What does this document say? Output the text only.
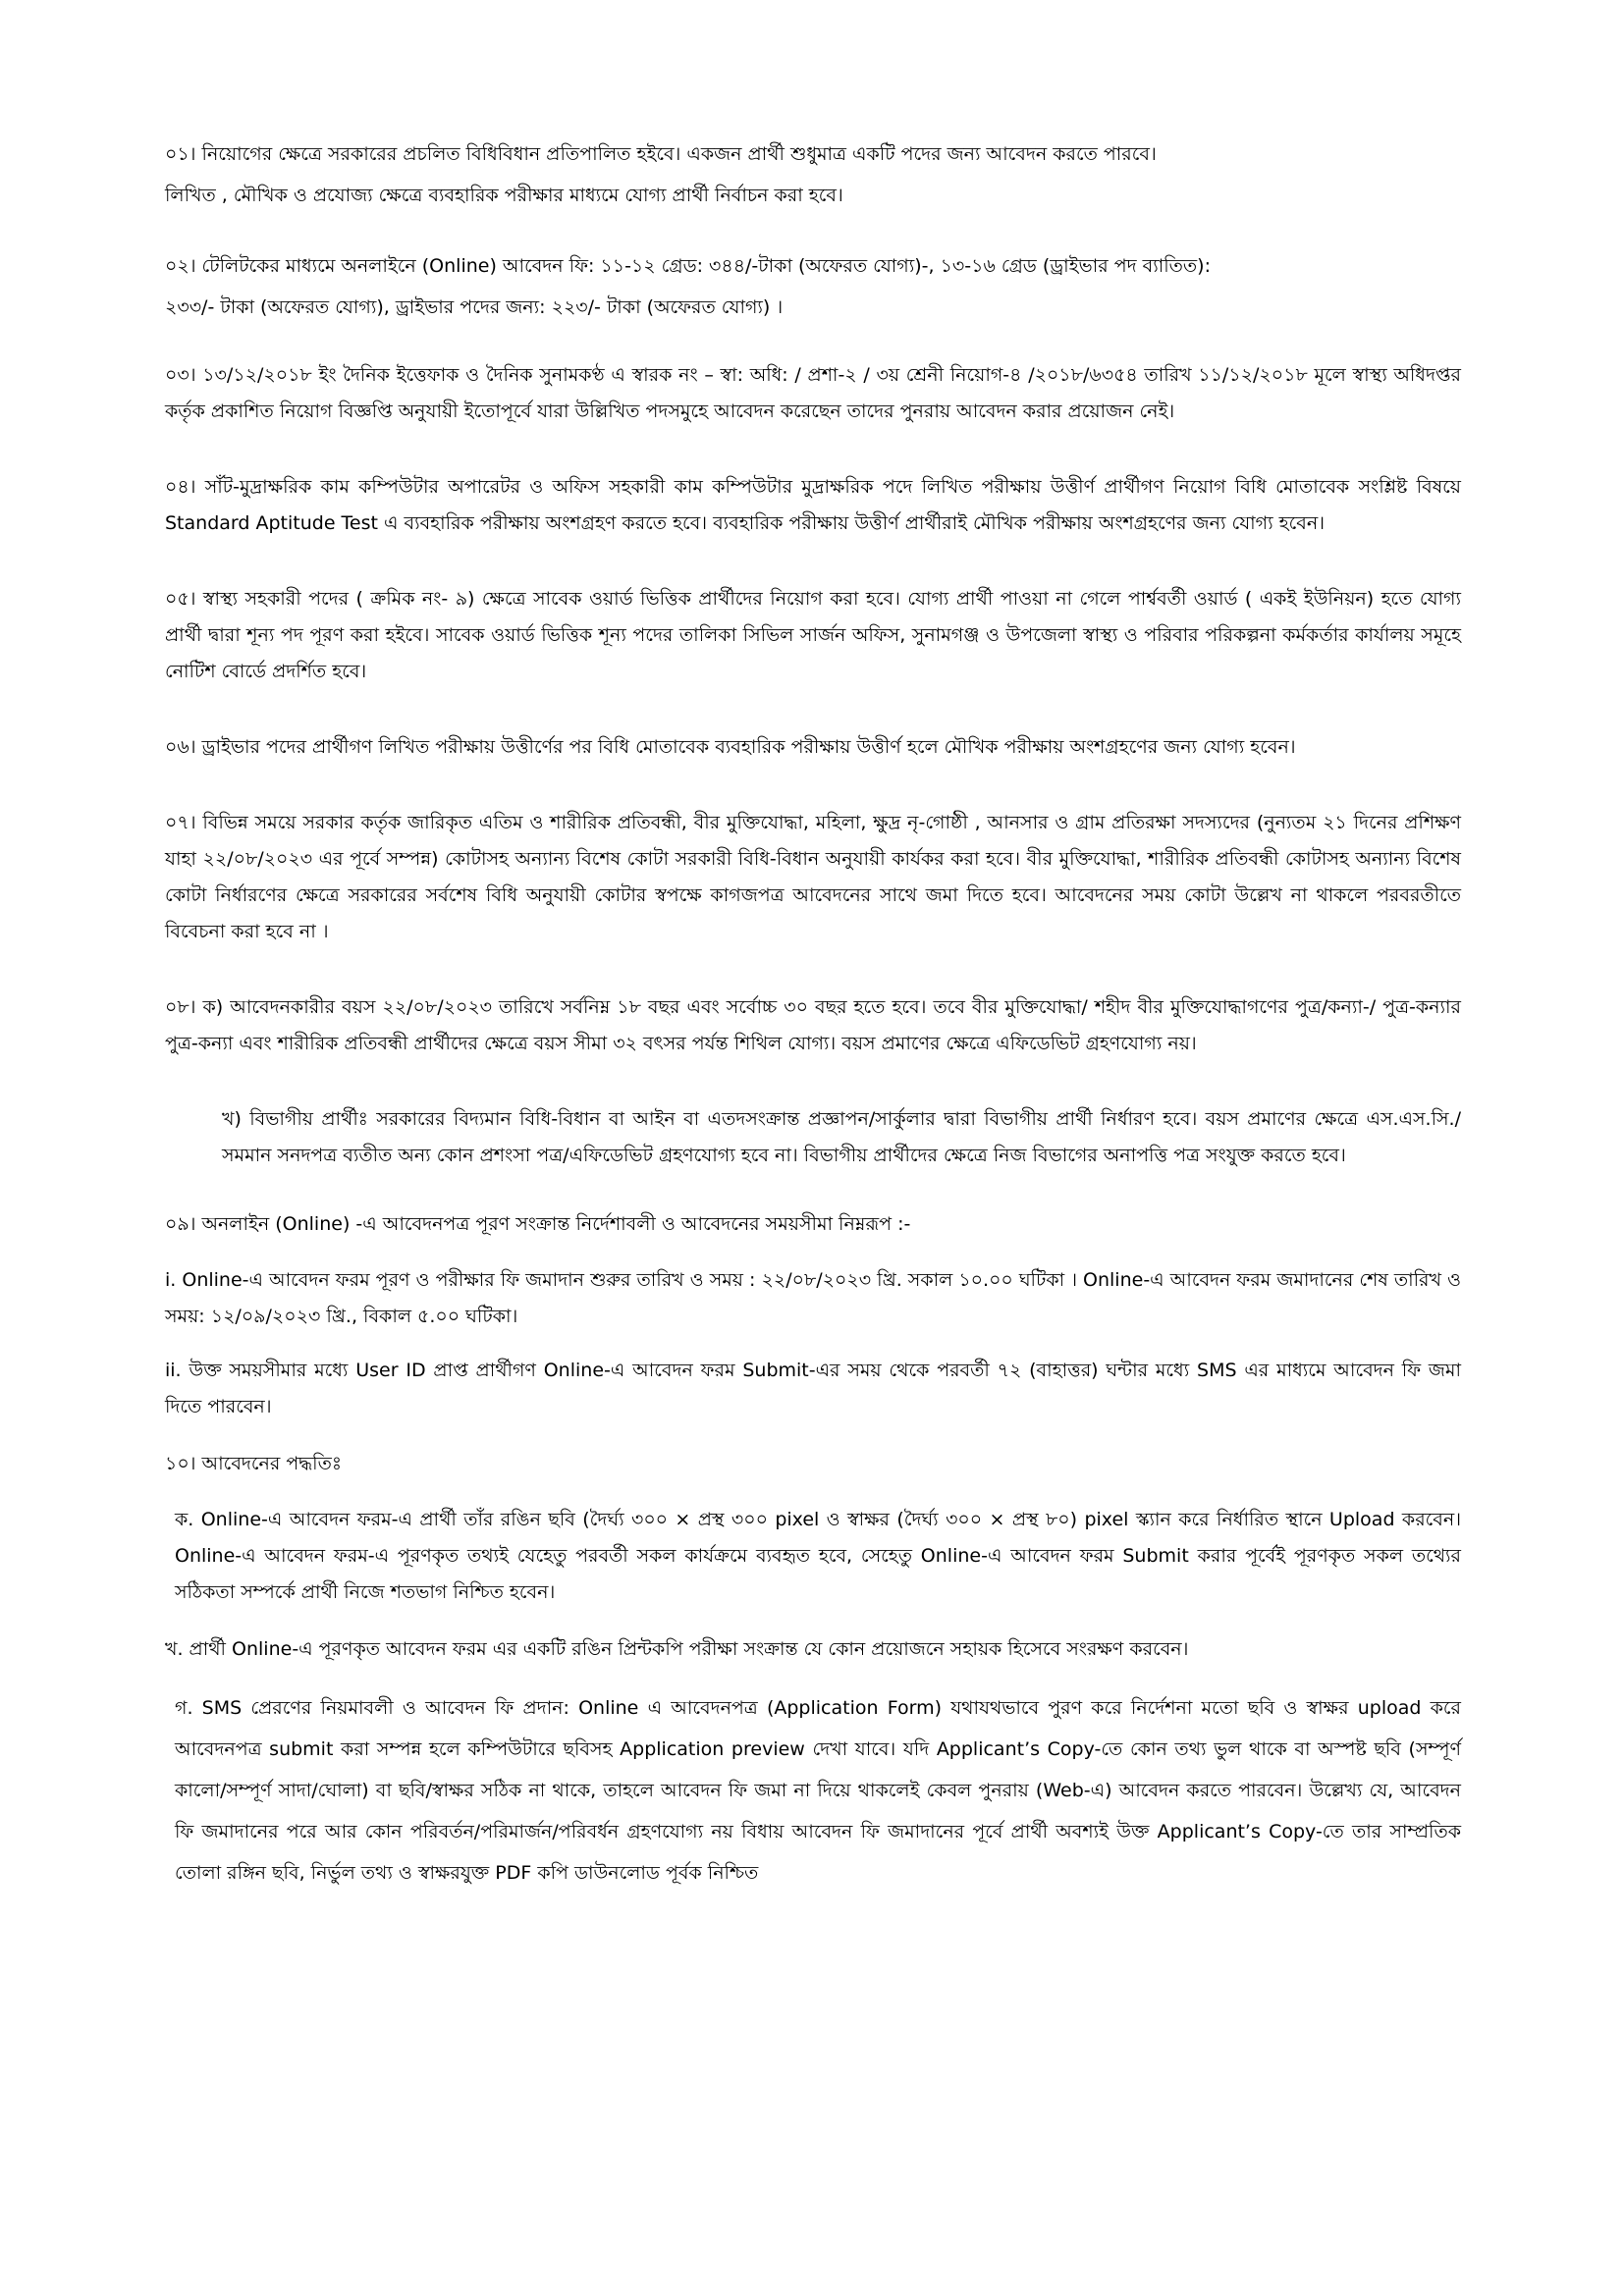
০১। নিয়োগের ক্ষেত্রে সরকারের প্রচলিত বিধিবিধান প্রতিপালিত হইবে। একজন প্রার্থী শুধুমাত্র একটি পদের জন্য আবেদন করতে পারবে।
লিখিত , মৌখিক ও প্রযোজ্য ক্ষেত্রে ব্যবহারিক পরীক্ষার মাধ্যমে যোগ্য প্রার্থী নির্বাচন করা হবে।

০২। টেলিটকের মাধ্যমে অনলাইনে (Online) আবেদন ফি: ১১-১২ গ্রেড: ৩৪৪/-টাকা (অফেরত যোগ্য)-, ১৩-১৬ গ্রেড (ড্রাইভার পদ ব্যাতিত):
২৩৩/- টাকা (অফেরত যোগ্য), ড্রাইভার পদের জন্য: ২২৩/- টাকা (অফেরত যোগ্য) ।

০৩। ১৩/১২/২০১৮ ইং দৈনিক ইত্তেফাক ও দৈনিক সুনামকণ্ঠ এ স্বারক নং – স্বা: অধি: / প্রশা-২ / ৩য় শ্রেনী নিয়োগ-৪ /২০১৮/৬৩৫৪ তারিখ ১১/১২/২০১৮ মূলে স্বাস্থ্য অধিদপ্তর কর্তৃক প্রকাশিত নিয়োগ বিজ্ঞপ্তি অনুযায়ী ইতোপূর্বে যারা উল্লিখিত পদসমুহে আবেদন করেছেন তাদের পুনরায় আবেদন করার প্রয়োজন নেই।

০৪। সাঁট-মুদ্রাক্ষরিক কাম কম্পিউটার অপারেটর ও অফিস সহকারী কাম কম্পিউটার মুদ্রাক্ষরিক পদে লিখিত পরীক্ষায় উত্তীর্ণ প্রার্থীগণ নিয়োগ বিধি মোতাবেক সংশ্লিষ্ট বিষয়ে Standard Aptitude Test এ ব্যবহারিক পরীক্ষায় অংশগ্রহণ করতে হবে। ব্যবহারিক পরীক্ষায় উত্তীর্ণ প্রার্থীরাই মৌখিক পরীক্ষায় অংশগ্রহণের জন্য যোগ্য হবেন।

০৫। স্বাস্থ্য সহকারী পদের ( ক্রমিক নং- ৯) ক্ষেত্রে সাবেক ওয়ার্ড ভিত্তিক প্রার্থীদের নিয়োগ করা হবে। যোগ্য প্রার্থী পাওয়া না গেলে পার্শ্ববর্তী ওয়ার্ড ( একই ইউনিয়ন) হতে যোগ্য প্রার্থী দ্বারা শূন্য পদ পূরণ করা হইবে। সাবেক ওয়ার্ড ভিত্তিক শূন্য পদের তালিকা সিভিল সার্জন অফিস, সুনামগঞ্জ ও উপজেলা স্বাস্থ্য ও পরিবার পরিকল্পনা কর্মকর্তার কার্যালয় সমূহে নোটিশ বোর্ডে প্রদর্শিত হবে।

০৬। ড্রাইভার পদের প্রার্থীগণ লিখিত পরীক্ষায় উত্তীর্ণের পর বিধি মোতাবেক ব্যবহারিক পরীক্ষায় উত্তীর্ণ হলে মৌখিক পরীক্ষায় অংশগ্রহণের জন্য যোগ্য হবেন।

০৭। বিভিন্ন সময়ে সরকার কর্তৃক জারিকৃত এতিম ও শারীরিক প্রতিবন্ধী, বীর মুক্তিযোদ্ধা, মহিলা, ক্ষুদ্র নৃ-গোষ্ঠী , আনসার ও গ্রাম প্রতিরক্ষা সদস্যদের (নুন্যতম ২১ দিনের প্রশিক্ষণ যাহা ২২/০৮/২০২৩ এর পূর্বে সম্পন্ন) কোটাসহ অন্যান্য বিশেষ কোটা সরকারী বিধি-বিধান অনুযায়ী কার্যকর করা হবে। বীর মুক্তিযোদ্ধা, শারীরিক প্রতিবন্ধী কোটাসহ অন্যান্য বিশেষ কোটা নির্ধারণের ক্ষেত্রে সরকারের সর্বশেষ বিধি অনুযায়ী কোটার স্বপক্ষে কাগজপত্র আবেদনের সাথে জমা দিতে হবে। আবেদনের সময় কোটা উল্লেখ না থাকলে পরবরতীতে বিবেচনা করা হবে না ।

০৮। ক) আবেদনকারীর বয়স ২২/০৮/২০২৩ তারিখে সর্বনিম্ন ১৮ বছর এবং সর্বোচ্চ ৩০ বছর হতে হবে। তবে বীর মুক্তিযোদ্ধা/ শহীদ বীর মুক্তিযোদ্ধাগণের পুত্র/কন্যা-/ পুত্র-কন্যার পুত্র-কন্যা এবং শারীরিক প্রতিবন্ধী প্রার্থীদের ক্ষেত্রে বয়স সীমা ৩২ বৎসর পর্যন্ত শিথিল যোগ্য। বয়স প্রমাণের ক্ষেত্রে এফিডেভিট গ্রহণযোগ্য নয়।

খ) বিভাগীয় প্রার্থীঃ সরকারের বিদ্যমান বিধি-বিধান বা আইন বা এতদসংক্রান্ত প্রজ্ঞাপন/সার্কুলার দ্বারা বিভাগীয় প্রার্থী নির্ধারণ হবে। বয়স প্রমাণের ক্ষেত্রে এস.এস.সি./সমমান সনদপত্র ব্যতীত অন্য কোন প্রশংসা পত্র/এফিডেভিট গ্রহণযোগ্য হবে না। বিভাগীয় প্রার্থীদের ক্ষেত্রে নিজ বিভাগের অনাপত্তি পত্র সংযুক্ত করতে হবে।

০৯। অনলাইন (Online) -এ আবেদনপত্র পূরণ সংক্রান্ত নির্দেশাবলী ও আবেদনের সময়সীমা নিম্নরূপ :-

i. Online-এ আবেদন ফরম পূরণ ও পরীক্ষার ফি জমাদান শুরুর তারিখ ও সময় : ২২/০৮/২০২৩ খ্রি. সকাল ১০.০০ ঘটিকা । Online-এ আবেদন ফরম জমাদানের শেষ তারিখ ও সময়: ১২/০৯/২০২৩ খ্রি., বিকাল ৫.০০ ঘটিকা।

ii. উক্ত সময়সীমার মধ্যে User ID প্রাপ্ত প্রার্থীগণ Online-এ আবেদন ফরম Submit-এর সময় থেকে পরবর্তী ৭২ (বাহাত্তর) ঘন্টার মধ্যে SMS এর মাধ্যমে আবেদন ফি জমা দিতে পারবেন।

১০। আবেদনের পদ্ধতিঃ

ক. Online-এ আবেদন ফরম-এ প্রার্থী তাঁর রঙিন ছবি (দৈর্ঘ্য ৩০০ × প্রস্থ ৩০০ pixel ও স্বাক্ষর (দৈর্ঘ্য ৩০০ × প্রস্থ ৮০) pixel স্ক্যান করে নির্ধারিত স্থানে Upload করবেন। Online-এ আবেদন ফরম-এ পূরণকৃত তথ্যই যেহেতু পরবর্তী সকল কার্যক্রমে ব্যবহৃত হবে, সেহেতু Online-এ আবেদন ফরম Submit করার পূর্বেই পূরণকৃত সকল তথ্যের সঠিকতা সম্পর্কে প্রার্থী নিজে শতভাগ নিশ্চিত হবেন।

খ. প্রার্থী Online-এ পূরণকৃত আবেদন ফরম এর একটি রঙিন প্রিন্টকপি পরীক্ষা সংক্রান্ত যে কোন প্রয়োজনে সহায়ক হিসেবে সংরক্ষণ করবেন।

গ. SMS প্রেরণের নিয়মাবলী ও আবেদন ফি প্রদান: Online এ আবেদনপত্র (Application Form) যথাযথভাবে পুরণ করে নির্দেশনা মতো ছবি ও স্বাক্ষর upload করে আবেদনপত্র submit করা সম্পন্ন হলে কম্পিউটারে ছবিসহ Application preview দেখা যাবে। যদি Applicant’s Copy-তে কোন তথ্য ভুল থাকে বা অস্পষ্ট ছবি (সম্পূর্ণ কালো/সম্পূর্ণ সাদা/ঘোলা) বা ছবি/স্বাক্ষর সঠিক না থাকে, তাহলে আবেদন ফি জমা না দিয়ে থাকলেই কেবল পুনরায় (Web-এ) আবেদন করতে পারবেন। উল্লেখ্য যে, আবেদন ফি জমাদানের পরে আর কোন পরিবর্তন/পরিমার্জন/পরিবর্ধন গ্রহণযোগ্য নয় বিধায় আবেদন ফি জমাদানের পূর্বে প্রার্থী অবশ্যই উক্ত Applicant’s Copy-তে তার সাম্প্রতিক তোলা রঙ্গিন ছবি, নির্ভুল তথ্য ও স্বাক্ষরযুক্ত PDF কপি ডাউনলোড পূর্বক নিশ্চিত
